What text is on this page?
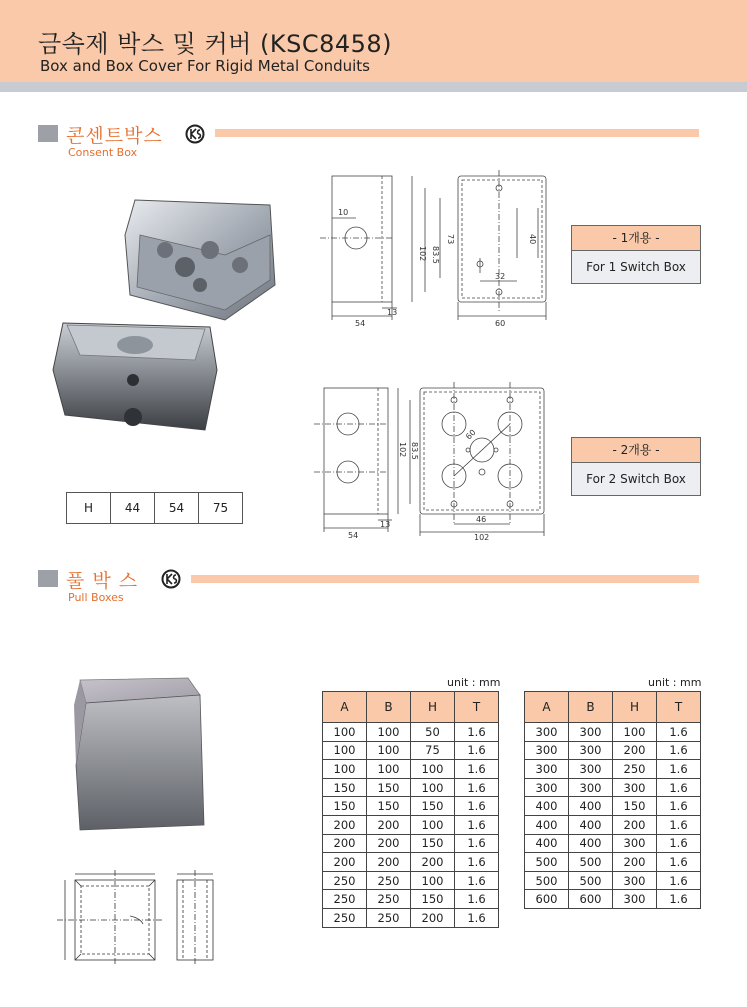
금속제 박스 및 커버 (KSC8458)
Box and Box Cover For Rigid Metal Conduits
콘센트박스
Consent Box
H	44	54	75
10
54
13
60
32
102 83.5
73	40	- 1개용 -
For 1 Switch Box
54
13
46
102
60
102 83.5	- 2개용 -
For 2 Switch Box
풀 박 스
Pull Boxes
unit : mm
A	B	H	T
100	100	50	1.6
100	100	75	1.6
100	100	100	1.6
150	150	100	1.6
150	150	150	1.6
200	200	100	1.6
200	200	150	1.6
200	200	200	1.6
250	250	100	1.6
250	250	150	1.6
250	250	200	1.6
unit : mm
A	B	H	T
300	300	100	1.6
300	300	200	1.6
300	300	250	1.6
300	300	300	1.6
400	400	150	1.6
400	400	200	1.6
400	400	300	1.6
500	500	200	1.6
500	500	300	1.6
600	600	300	1.6
